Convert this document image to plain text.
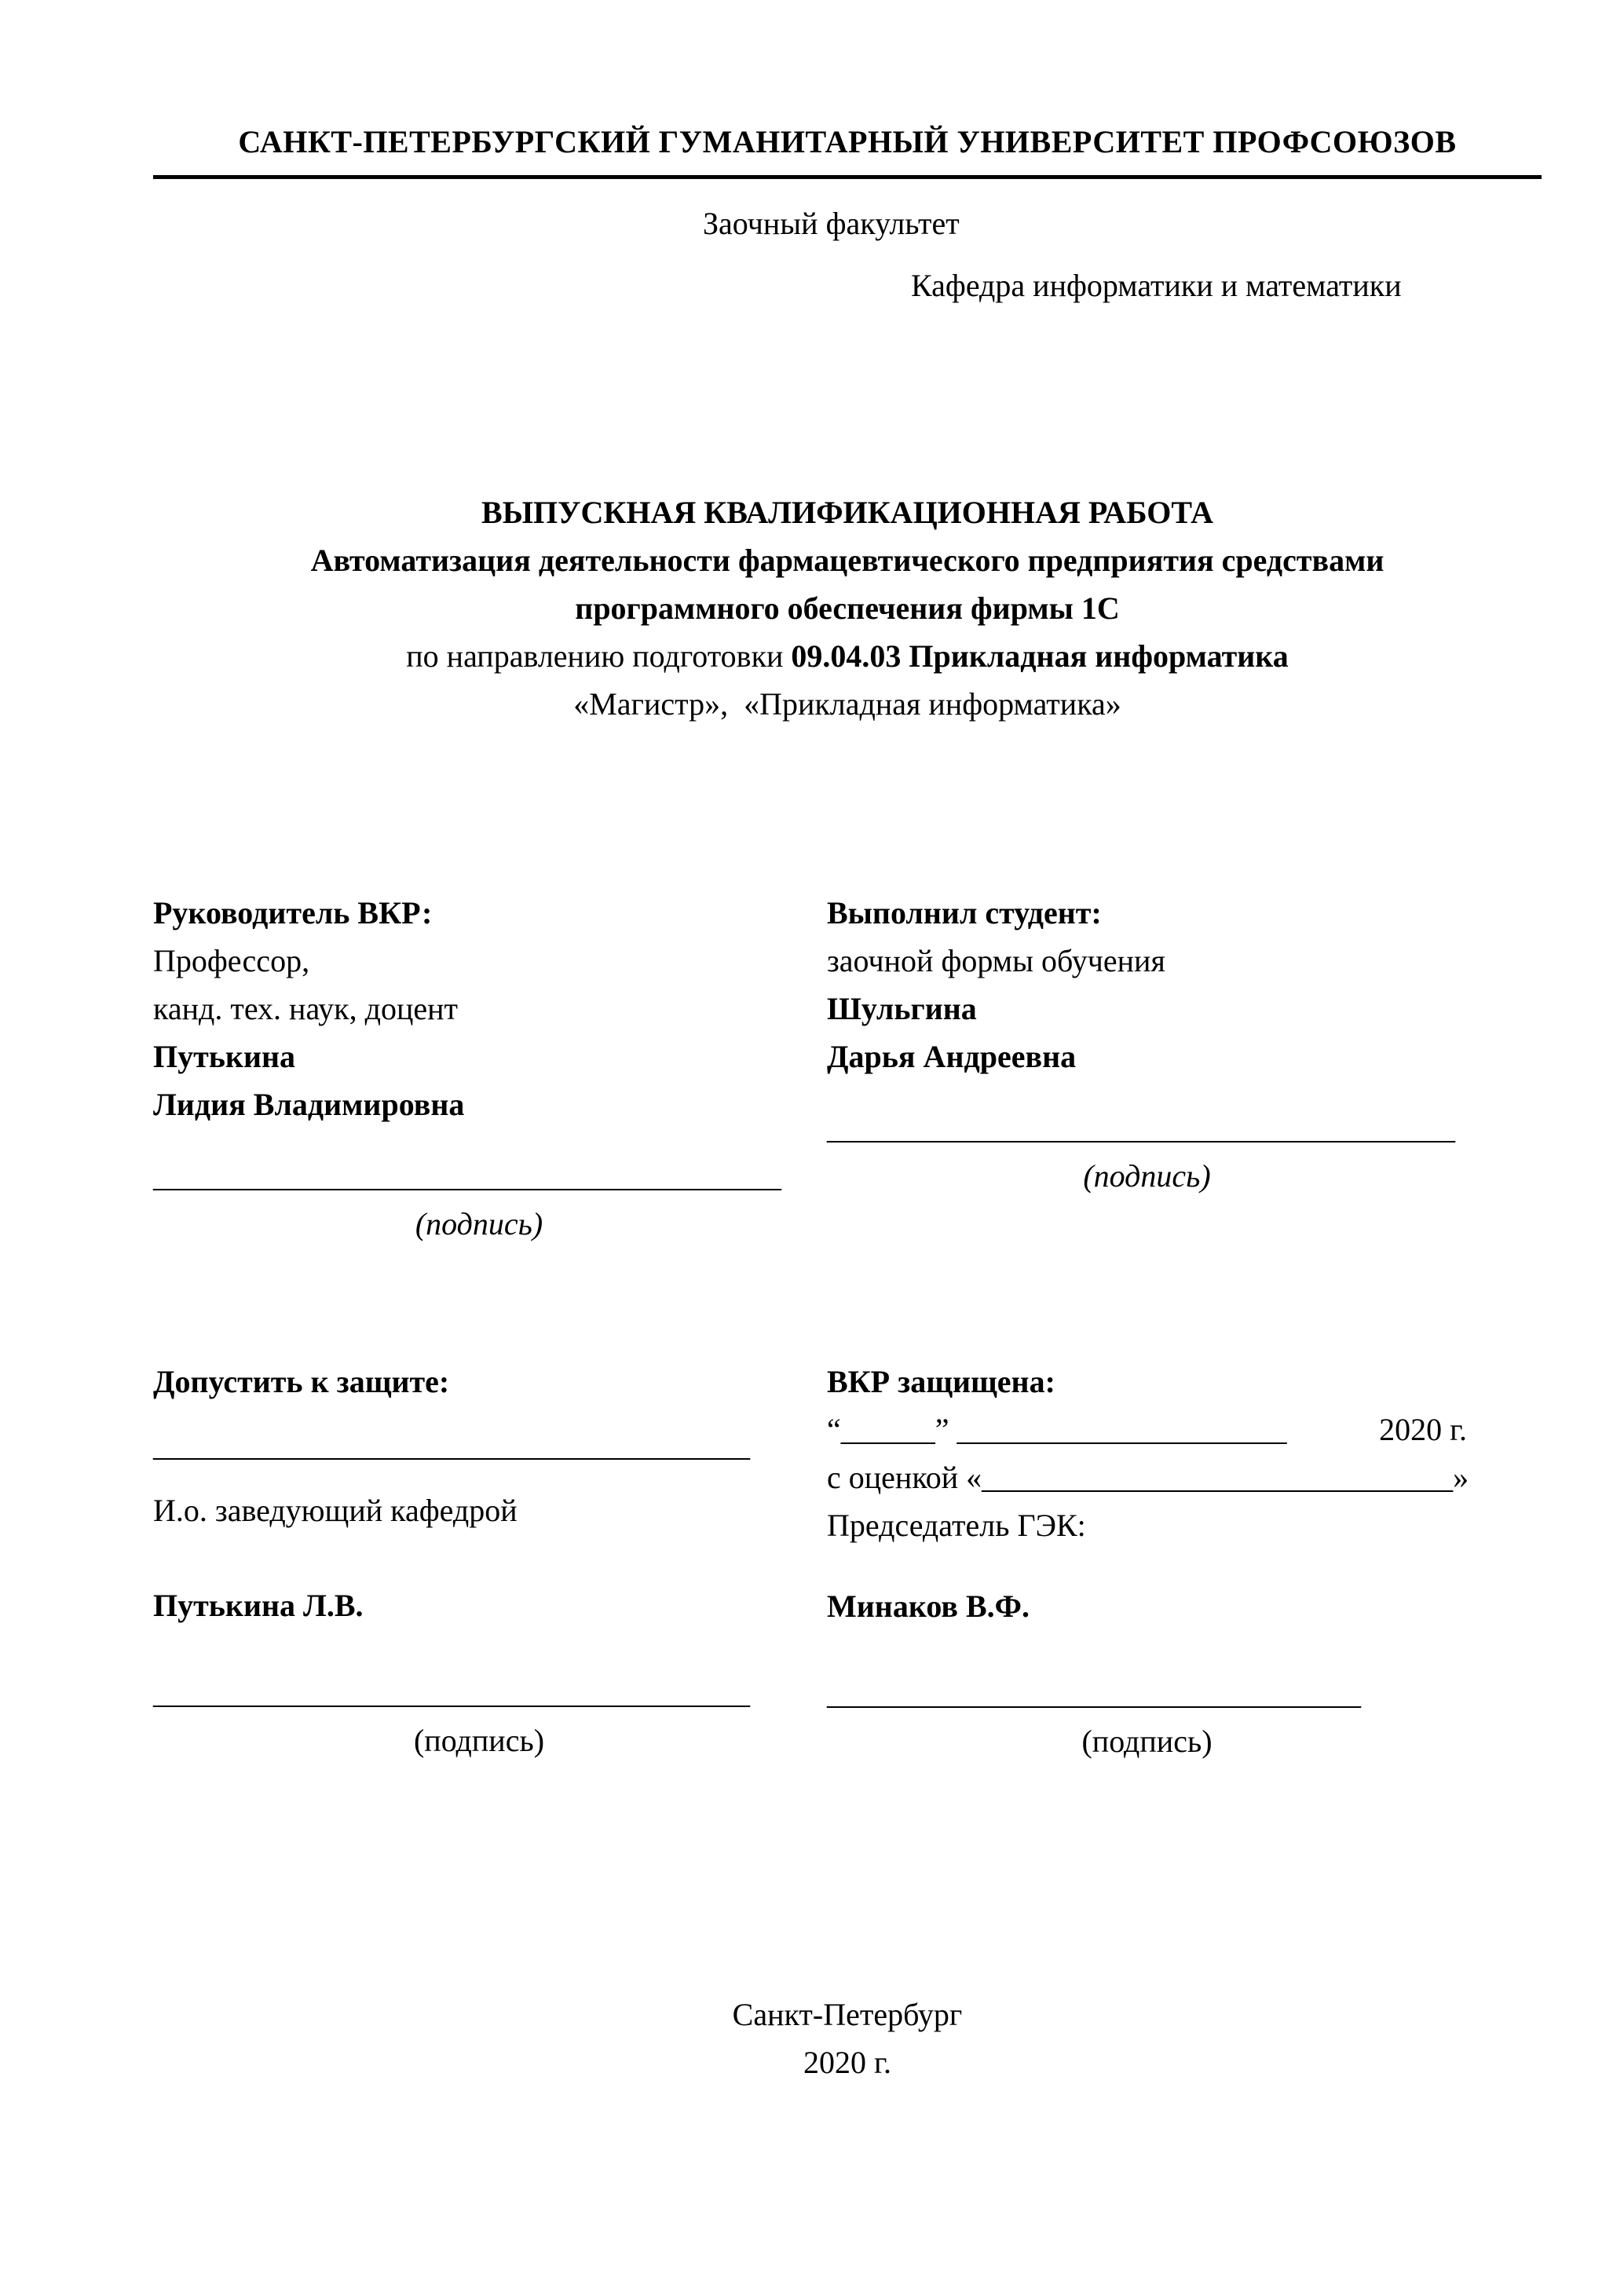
САНКТ-ПЕТЕРБУРГСКИЙ ГУМАНИТАРНЫЙ УНИВЕРСИТЕТ ПРОФСОЮЗОВ
Заочный факультет
Кафедра информатики и математики
ВЫПУСКНАЯ КВАЛИФИКАЦИОННАЯ РАБОТА
Автоматизация деятельности фармацевтического предприятия средствами
программного обеспечения фирмы 1С
по направлению подготовки 09.04.03 Прикладная информатика
«Магистр»,  «Прикладная информатика»
Руководитель ВКР:
Профессор,
канд. тех. наук, доцент
Путькина
Лидия Владимировна
________________________________________
(подпись)
Выполнил студент:
заочной формы обучения
Шульгина
Дарья Андреевна
________________________________________
(подпись)
Допустить к защите:
______________________________________
И.о. заведующий кафедрой
Путькина Л.В.
______________________________________
(подпись)
ВКР защищена:
“______” _____________________	2020 г.
с оценкой «______________________________»
Председатель ГЭК:
Минаков В.Ф.
__________________________________
(подпись)
Санкт-Петербург
2020 г.
